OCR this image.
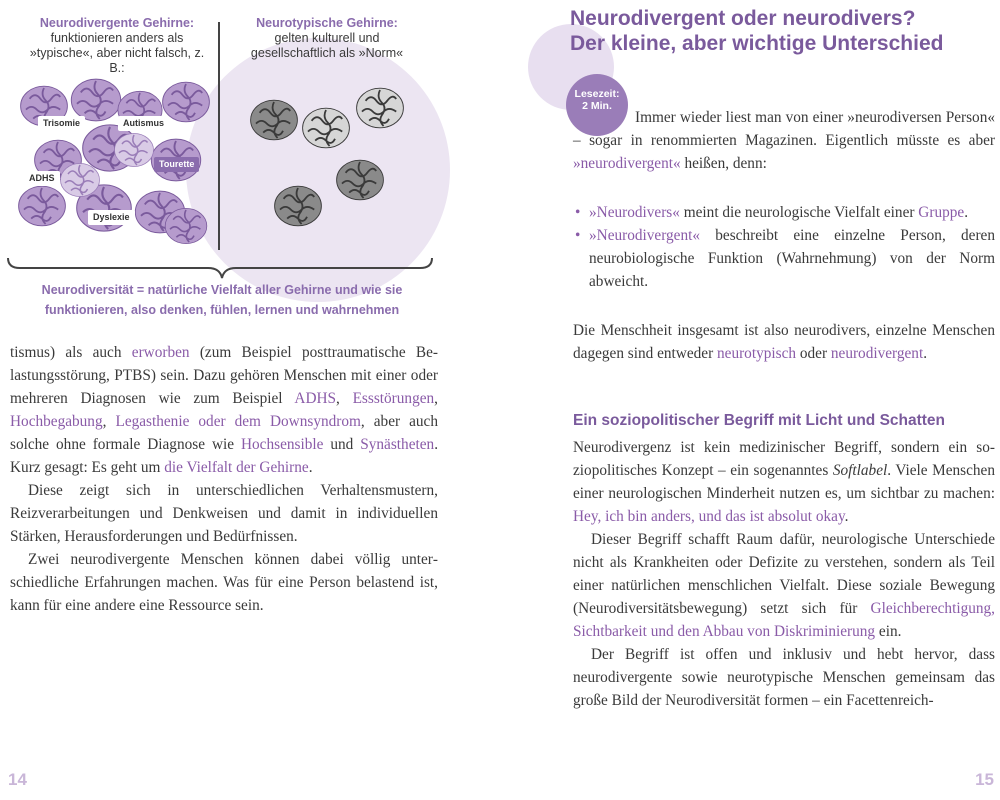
Neurodivergente Gehirne:
funktionieren anders als »typische«, aber nicht falsch, z. B.:
Neurotypische Gehirne:
gelten kulturell und gesellschaftlich als »Norm«
Trisomie	Autismus
Tourette
ADHS
Dyslexie
Neurodiversität = natürliche Vielfalt aller Gehirne und wie sie funktionieren, also denken, fühlen, lernen und wahrnehmen

tismus) als auch erworben (zum Beispiel posttraumatische Belastungsstörung, PTBS) sein. Dazu gehören Menschen mit einer oder mehreren Diagnosen wie zum Beispiel ADHS, Essstörungen, Hochbegabung, Legasthenie oder dem Downsyndrom, aber auch solche ohne formale Diagnose wie Hochsensible und Synästheten. Kurz gesagt: Es geht um die Vielfalt der Gehirne.

Diese zeigt sich in unterschiedlichen Verhaltensmustern, Reizverarbeitungen und Denkweisen und damit in individuellen Stärken, Herausforderungen und Bedürfnissen.

Zwei neurodivergente Menschen können dabei völlig unterschiedliche Erfahrungen machen. Was für eine Person belastend ist, kann für eine andere eine Ressource sein.

14
Neurodivergent oder neurodivers?
Der kleine, aber wichtige Unterschied
Lesezeit:
2 Min.

Immer wieder liest man von einer »neurodiversen Person« – sogar in renommierten Magazinen. Eigentlich müsste es aber »neurodivergent« heißen, denn:

• »Neurodivers« meint die neurologische Vielfalt einer Gruppe.
• »Neurodivergent« beschreibt eine einzelne Person, deren neurobiologische Funktion (Wahrnehmung) von der Norm abweicht.

Die Menschheit insgesamt ist also neurodivers, einzelne Menschen dagegen sind entweder neurotypisch oder neurodivergent.

Ein soziopolitischer Begriff mit Licht und Schatten

Neurodivergenz ist kein medizinischer Begriff, sondern ein soziopolitisches Konzept – ein sogenanntes Softlabel. Viele Menschen einer neurologischen Minderheit nutzen es, um sichtbar zu machen: Hey, ich bin anders, und das ist absolut okay.

Dieser Begriff schafft Raum dafür, neurologische Unterschiede nicht als Krankheiten oder Defizite zu verstehen, sondern als Teil einer natürlichen menschlichen Vielfalt. Diese soziale Bewegung (Neurodiversitätsbewegung) setzt sich für Gleichberechtigung, Sichtbarkeit und den Abbau von Diskriminierung ein.

Der Begriff ist offen und inklusiv und hebt hervor, dass neurodivergente sowie neurotypische Menschen gemeinsam das große Bild der Neurodiversität formen – ein Facettenreich-

15
